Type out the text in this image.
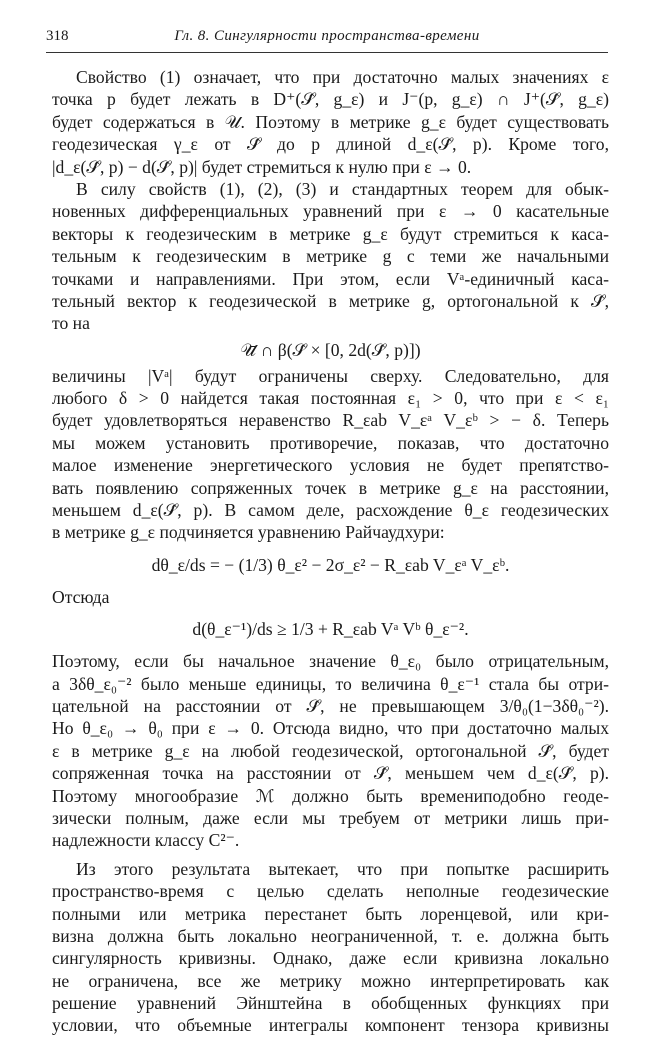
318	Гл. 8. Сингулярности пространства-времени
Свойство (1) означает, что при достаточно малых значениях ε
точка p будет лежать в D⁺(𝒮̂, g_ε) и J⁻(p, g_ε) ∩ J⁺(𝒮̂, g_ε)
будет содержаться в 𝒰. Поэтому в метрике g_ε будет существовать
геодезическая γ_ε от 𝒮̂ до p длиной d_ε(𝒮̂, p). Кроме того,
|d_ε(𝒮̂, p) − d(𝒮̂, p)| будет стремиться к нулю при ε → 0.
В силу свойств (1), (2), (3) и стандартных теорем для обык-
новенных дифференциальных уравнений при ε → 0 касательные
векторы к геодезическим в метрике g_ε будут стремиться к каса-
тельным к геодезическим в метрике g с теми же начальными
точками и направлениями. При этом, если Vᵃ-единичный каса-
тельный вектор к геодезической в метрике g, ортогональной к 𝒮̂,
то на
𝒰̄ ∩ β(𝒮̂ × [0, 2d(𝒮̂, p)])
величины |Vᵃ| будут ограничены сверху. Следовательно, для
любого δ > 0 найдется такая постоянная ε₁ > 0, что при ε < ε₁
будет удовлетворяться неравенство R_εab V_εᵃ V_εᵇ > − δ. Теперь
мы можем установить противоречие, показав, что достаточно
малое изменение энергетического условия не будет препятство-
вать появлению сопряженных точек в метрике g_ε на расстоянии,
меньшем d_ε(𝒮̂, p). В самом деле, расхождение θ_ε геодезических
в метрике g_ε подчиняется уравнению Райчаудхури:
dθ_ε/ds = − (1/3) θ_ε² − 2σ_ε² − R_εab V_εᵃ V_εᵇ.
Отсюда
d(θ_ε⁻¹)/ds ≥ 1/3 + R_εab Vᵃ Vᵇ θ_ε⁻².
Поэтому, если бы начальное значение θ_ε₀ было отрицательным,
а 3δθ_ε₀⁻² было меньше единицы, то величина θ_ε⁻¹ стала бы отри-
цательной на расстоянии от 𝒮̂, не превышающем 3/θ₀(1−3δθ₀⁻²).
Но θ_ε₀ → θ₀ при ε → 0. Отсюда видно, что при достаточно малых
ε в метрике g_ε на любой геодезической, ортогональной 𝒮̂, будет
сопряженная точка на расстоянии от 𝒮̂, меньшем чем d_ε(𝒮̂, p).
Поэтому многообразие ℳ должно быть времениподобно геоде-
зически полным, даже если мы требуем от метрики лишь при-
надлежности классу C²⁻.
Из этого результата вытекает, что при попытке расширить
пространство-время с целью сделать неполные геодезические
полными или метрика перестанет быть лоренцевой, или кри-
визна должна быть локально неограниченной, т. е. должна быть
сингулярность кривизны. Однако, даже если кривизна локально
не ограничена, все же метрику можно интерпретировать как
решение уравнений Эйнштейна в обобщенных функциях при
условии, что объемные интегралы компонент тензора кривизны
